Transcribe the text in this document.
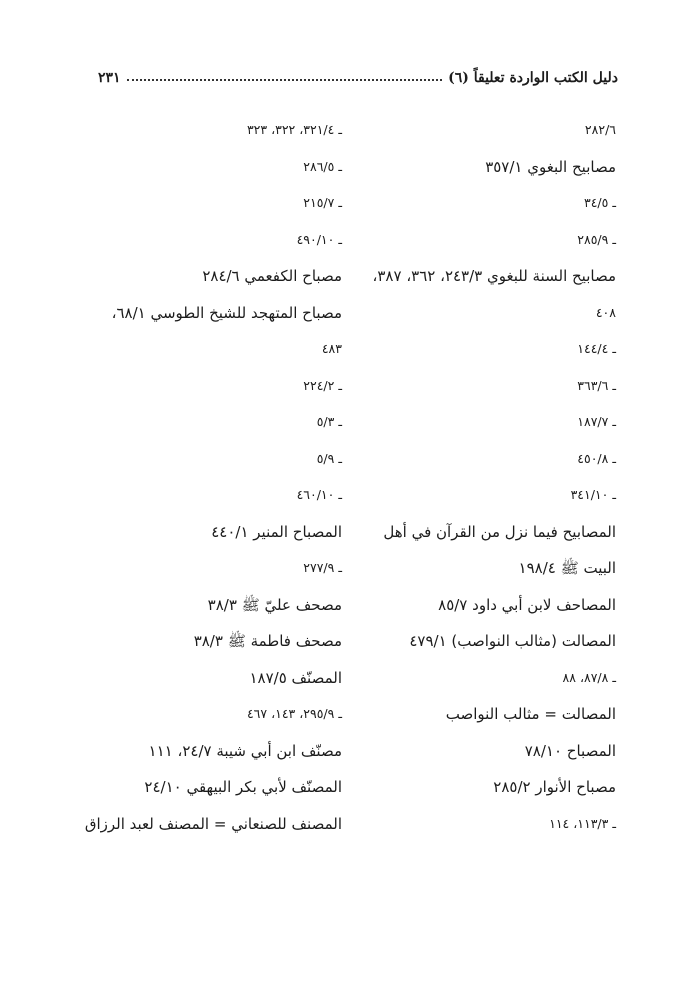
دليل الكتب الواردة تعليقاً (٦)
٢٣١
٢٨٢/٦
مصابيح البغوي ٣٥٧/١
ـ ٣٤/٥
ـ ٢٨٥/٩
مصابيح السنة للبغوي ٢٤٣/٣، ٣٦٢، ٣٨٧،
٤٠٨
ـ ١٤٤/٤
ـ ٣٦٣/٦
ـ ١٨٧/٧
ـ ٤٥٠/٨
ـ ٣٤١/١٠
المصابيح فيما نزل من القرآن في أهل
البيت ﷺ ١٩٨/٤
المصاحف لابن أبي داود ٨٥/٧
المصالت (مثالب النواصب) ٤٧٩/١
ـ ٨٧/٨، ٨٨
المصالت = مثالب النواصب
المصباح ٧٨/١٠
مصباح الأنوار ٢٨٥/٢
ـ ١١٣/٣، ١١٤
ـ ٣٢١/٤، ٣٢٢، ٣٢٣
ـ ٢٨٦/٥
ـ ٢١٥/٧
ـ ٤٩٠/١٠
مصباح الكفعمي ٢٨٤/٦
مصباح المتهجد للشيخ الطوسي ٦٨/١،
٤٨٣
ـ ٢٢٤/٢
ـ ٥/٣
ـ ٥/٩
ـ ٤٦٠/١٠
المصباح المنير ٤٤٠/١
ـ ٢٧٧/٩
مصحف عليّ ﷺ ٣٨/٣
مصحف فاطمة ﷺ ٣٨/٣
المصنّف ١٨٧/٥
ـ ٢٩٥/٩، ١٤٣، ٤٦٧
مصنّف ابن أبي شيبة ٢٤/٧، ١١١
المصنّف لأبي بكر البيهقي ٢٤/١٠
المصنف للصنعاني = المصنف لعبد الرزاق
